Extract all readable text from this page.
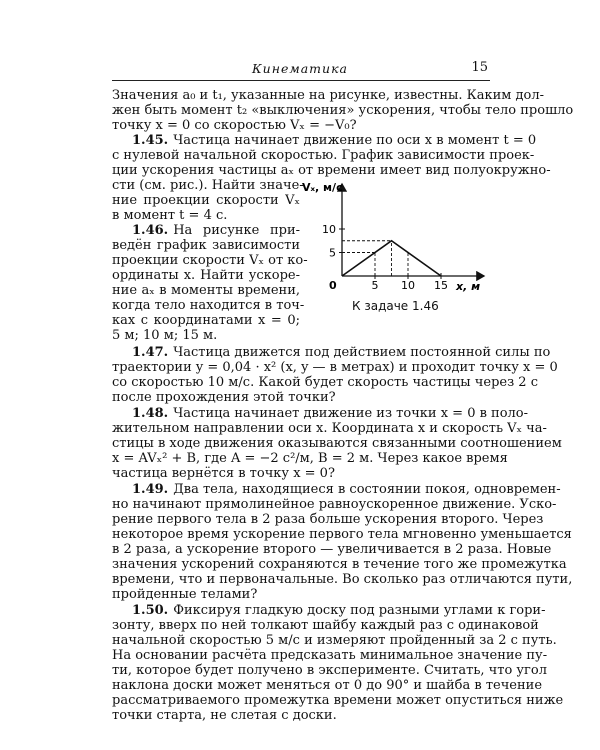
Кинематика	15
Значения a₀ и t₁, указанные на рисунке, известны. Каким дол-
жен быть момент t₂ «выключения» ускорения, чтобы тело прошло
точку x = 0 со скоростью Vₓ = −V₀?
1.45. Частица начинает движение по оси x в момент t = 0
с нулевой начальной скоростью. График зависимости проек-
ции ускорения частицы aₓ от времени имеет вид полуокружно-
сти (см. рис.). Найти значе-
ние проекции скорости Vₓ
в момент t = 4 с.
1.46. На рисунке при-
ведён график зависимости
проекции скорости Vₓ от ко-
ординаты x. Найти ускоре-
ние aₓ в моменты времени,
когда тело находится в точ-
ках с координатами x = 0;
5 м; 10 м; 15 м.
Vₓ, м/с
x, м
0
10
5
5 10 15
К задаче 1.46
1.47. Частица движется под действием постоянной силы по
траектории y = 0,04 · x² (x, y — в метрах) и проходит точку x = 0
со скоростью 10 м/с. Какой будет скорость частицы через 2 с
после прохождения этой точки?
1.48. Частица начинает движение из точки x = 0 в поло-
жительном направлении оси x. Координата x и скорость Vₓ ча-
стицы в ходе движения оказываются связанными соотношением
x = AVₓ² + B, где A = −2 с²/м, B = 2 м. Через какое время
частица вернётся в точку x = 0?
1.49. Два тела, находящиеся в состоянии покоя, одновремен-
но начинают прямолинейное равноускоренное движение. Уско-
рение первого тела в 2 раза больше ускорения второго. Через
некоторое время ускорение первого тела мгновенно уменьшается
в 2 раза, а ускорение второго — увеличивается в 2 раза. Новые
значения ускорений сохраняются в течение того же промежутка
времени, что и первоначальные. Во сколько раз отличаются пути,
пройденные телами?
1.50. Фиксируя гладкую доску под разными углами к гори-
зонту, вверх по ней толкают шайбу каждый раз с одинаковой
начальной скоростью 5 м/с и измеряют пройденный за 2 с путь.
На основании расчёта предсказать минимальное значение пу-
ти, которое будет получено в эксперименте. Считать, что угол
наклона доски может меняться от 0 до 90° и шайба в течение
рассматриваемого промежутка времени может опуститься ниже
точки старта, не слетая с доски.
